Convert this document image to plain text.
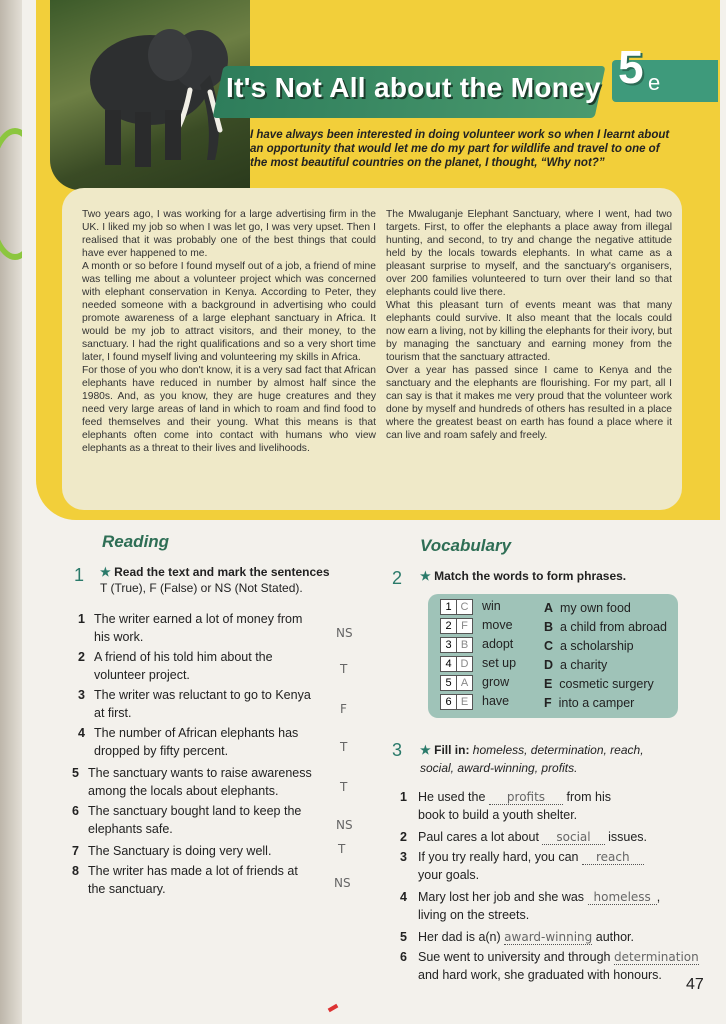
It's Not All about the Money 5 e
I have always been interested in doing volunteer work so when I learnt about an opportunity that would let me do my part for wildlife and travel to one of the most beautiful countries on the planet, I thought, “Why not?”

Two years ago, I was working for a large advertising firm in the UK. I liked my job so when I was let go, I was very upset. Then I realised that it was probably one of the best things that could have ever happened to me.

A month or so before I found myself out of a job, a friend of mine was telling me about a volunteer project which was concerned with elephant conservation in Kenya. According to Peter, they needed someone with a background in advertising who could promote awareness of a large elephant sanctuary in Africa. It would be my job to attract visitors, and their money, to the sanctuary. I had the right qualifications and so a very short time later, I found myself living and volunteering my skills in Africa.

For those of you who don't know, it is a very sad fact that African elephants have reduced in number by almost half since the 1980s. And, as you know, they are huge creatures and they need very large areas of land in which to roam and find food to feed themselves and their young. What this means is that elephants often come into contact with humans who view elephants as a threat to their lives and livelihoods.

The Mwaluganje Elephant Sanctuary, where I went, had two targets. First, to offer the elephants a place away from illegal hunting, and second, to try and change the negative attitude held by the locals towards elephants. In what came as a pleasant surprise to myself, and the sanctuary's organisers, over 200 families volunteered to turn over their land so that elephants could live there.

What this pleasant turn of events meant was that many elephants could survive. It also meant that the locals could now earn a living, not by killing the elephants for their ivory, but by managing the sanctuary and earning money from the tourism that the sanctuary attracted.

Over a year has passed since I came to Kenya and the sanctuary and the elephants are flourishing. For my part, all I can say is that it makes me very proud that the volunteer work done by myself and hundreds of others has resulted in a place where the greatest beast on earth has found a place where it can live and roam safely and freely.

Reading
1 ★ Read the text and mark the sentences
T (True), F (False) or NS (Not Stated).
1 The writer earned a lot of money from
his work.	NS
2 A friend of his told him about the
volunteer project.	T
3 The writer was reluctant to go to Kenya
at first.	F
4 The number of African elephants has
dropped by fifty percent.	T
5 The sanctuary wants to raise awareness
among the locals about elephants.	T
6 The sanctuary bought land to keep the
elephants safe.	NS
7 The Sanctuary is doing very well.	T
8 The writer has made a lot of friends at
the sanctuary.	NS
Vocabulary
2 ★ Match the words to form phrases.
1 C	win
2 F	move
3 B	adopt
4 D	set up
5 A	grow
6 E	have
A my own food
B a child from abroad
C a scholarship
D a charity
E cosmetic surgery
F into a camper
3 ★ Fill in: homeless, determination, reach,
social, award-winning, profits.
1 He used the profits from his
book to build a youth shelter.
2 Paul cares a lot about social issues.
3 If you try really hard, you can reach
your goals.
4 Mary lost her job and she was homeless ,
living on the streets.
5 Her dad is a(n) award-winning author.
6 Sue went to university and through determination
and hard work, she graduated with honours.
47
